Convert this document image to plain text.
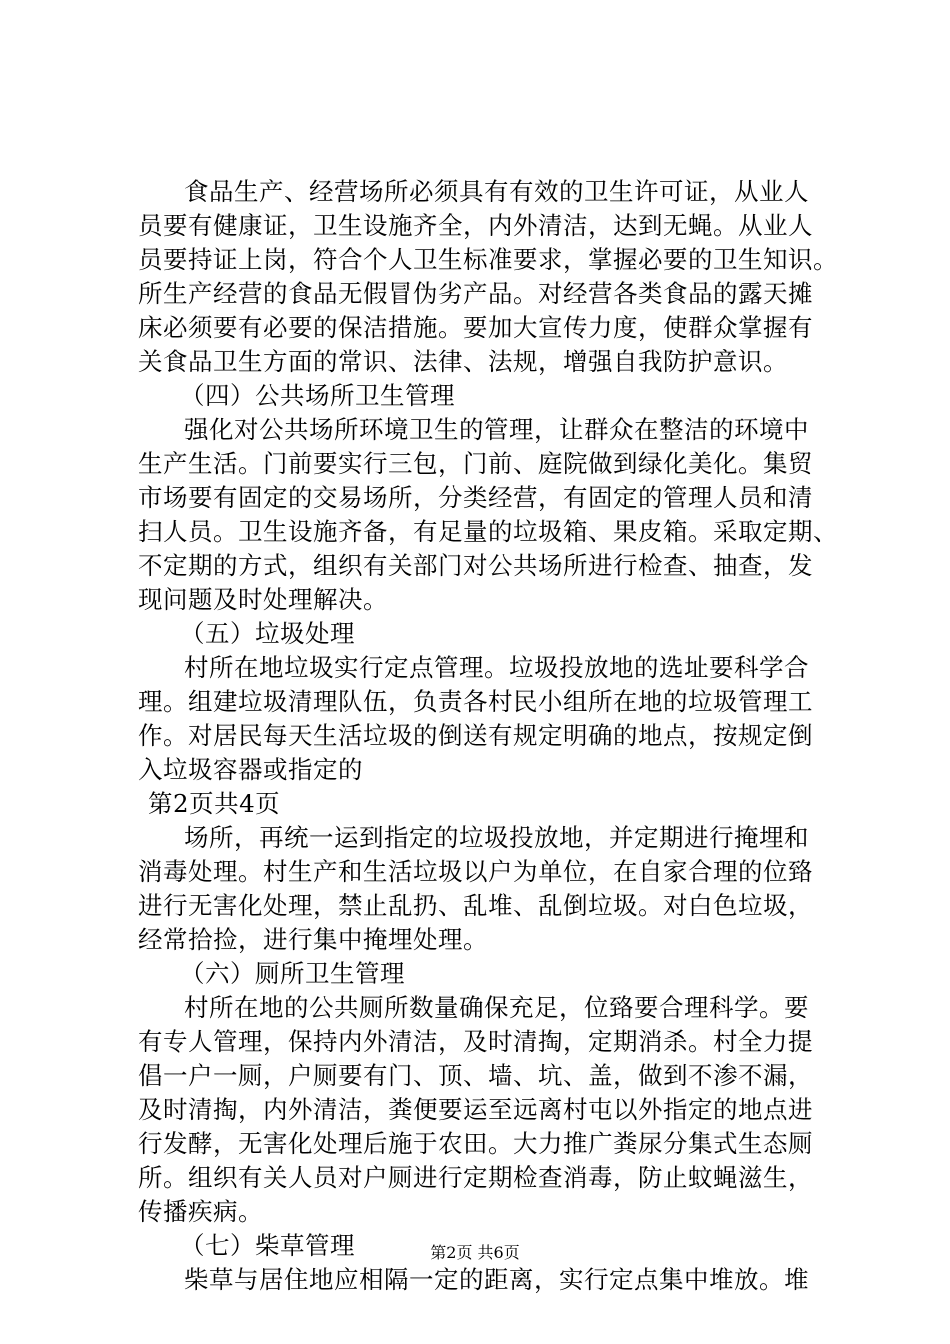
食品生产、经营场所必须具有有效的卫生许可证，从业人
员要有健康证，卫生设施齐全，内外清洁，达到无蝇。从业人
员要持证上岗，符合个人卫生标准要求，掌握必要的卫生知识。
所生产经营的食品无假冒伪劣产品。对经营各类食品的露天摊
床必须要有必要的保洁措施。要加大宣传力度，使群众掌握有
关食品卫生方面的常识、法律、法规，增强自我防护意识。
（四）公共场所卫生管理
强化对公共场所环境卫生的管理，让群众在整洁的环境中
生产生活。门前要实行三包，门前、庭院做到绿化美化。集贸
市场要有固定的交易场所，分类经营，有固定的管理人员和清
扫人员。卫生设施齐备，有足量的垃圾箱、果皮箱。采取定期、
不定期的方式，组织有关部门对公共场所进行检查、抽查，发
现问题及时处理解决。
（五）垃圾处理
村所在地垃圾实行定点管理。垃圾投放地的选址要科学合
理。组建垃圾清理队伍，负责各村民小组所在地的垃圾管理工
作。对居民每天生活垃圾的倒送有规定明确的地点，按规定倒
入垃圾容器或指定的
第2页共4页
场所，再统一运到指定的垃圾投放地，并定期进行掩埋和
消毒处理。村生产和生活垃圾以户为单位，在自家合理的位臵
进行无害化处理，禁止乱扔、乱堆、乱倒垃圾。对白色垃圾，
经常拾捡，进行集中掩埋处理。
（六）厕所卫生管理
村所在地的公共厕所数量确保充足，位臵要合理科学。要
有专人管理，保持内外清洁，及时清掏，定期消杀。村全力提
倡一户一厕，户厕要有门、顶、墙、坑、盖，做到不渗不漏，
及时清掏，内外清洁，粪便要运至远离村屯以外指定的地点进
行发酵，无害化处理后施于农田。大力推广粪尿分集式生态厕
所。组织有关人员对户厕进行定期检查消毒，防止蚊蝇滋生，
传播疾病。
（七）柴草管理
柴草与居住地应相隔一定的距离，实行定点集中堆放。堆
第2页 共6页
